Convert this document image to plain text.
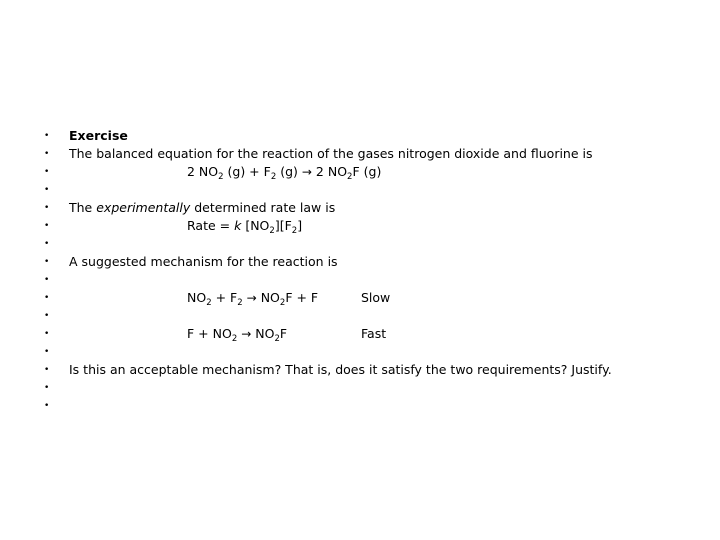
•
•
•
•
•
•
•
•
•
•
•
•
•
•
•
•
Exercise
The balanced equation for the reaction of the gases nitrogen dioxide and fluorine is
2 $NO_2$ $(g) + F_2$ (g) → 2 $NO_2F$ (g)
The experimentally determined rate law is
Rate = k $[NO_2][F_2]$
A suggested mechanism for the reaction is
$NO_2 + F_2 \to NO_2F + F$	Slow
$F + NO_2 \to NO_2F$	Fast
Is this an acceptable mechanism? That is, does it satisfy the two requirements? Justify.
